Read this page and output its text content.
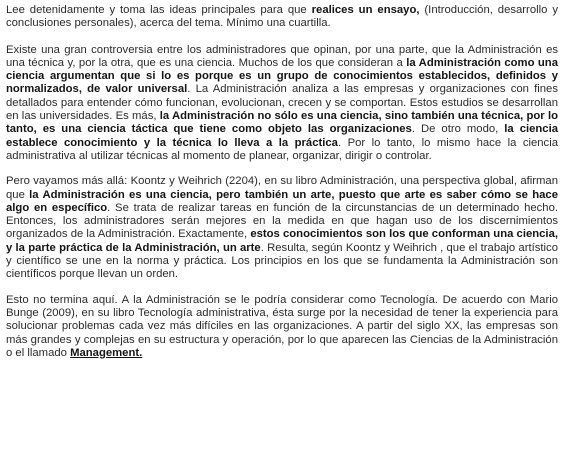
Lee detenidamente y toma las ideas principales para que realices un ensayo, (Introducción, desarrollo y conclusiones personales), acerca del tema. Mínimo una cuartilla.

Existe una gran controversia entre los administradores que opinan, por una parte, que la Administración es una técnica y, por la otra, que es una ciencia. Muchos de los que consideran a la Administración como una ciencia argumentan que si lo es porque es un grupo de conocimientos establecidos, definidos y normalizados, de valor universal. La Administración analiza a las empresas y organizaciones con fines detallados para entender cómo funcionan, evolucionan, crecen y se comportan. Estos estudios se desarrollan en las universidades. Es más, la Administración no sólo es una ciencia, sino también una técnica, por lo tanto, es una ciencia táctica que tiene como objeto las organizaciones. De otro modo, la ciencia establece conocimiento y la técnica lo lleva a la práctica. Por lo tanto, lo mismo hace la ciencia administrativa al utilizar técnicas al momento de planear, organizar, dirigir o controlar.

Pero vayamos más allá: Koontz y Weihrich (2204), en su libro Administración, una perspectiva global, afirman que la Administración es una ciencia, pero también un arte, puesto que arte es saber cómo se hace algo en específico. Se trata de realizar tareas en función de la circunstancias de un determinado hecho. Entonces, los administradores serán mejores en la medida en que hagan uso de los discernimientos organizados de la Administración. Exactamente, estos conocimientos son los que conforman una ciencia, y la parte práctica de la Administración, un arte. Resulta, según Koontz y Weihrich , que el trabajo artístico y científico se une en la norma y práctica. Los principios en los que se fundamenta la Administración son científicos porque llevan un orden.

Esto no termina aquí. A la Administración se le podría considerar como Tecnología. De acuerdo con Mario Bunge (2009), en su libro Tecnología administrativa, ésta surge por la necesidad de tener la experiencia para solucionar problemas cada vez más difíciles en las organizaciones. A partir del siglo XX, las empresas son más grandes y complejas en su estructura y operación, por lo que aparecen las Ciencias de la Administración o el llamado Management.
